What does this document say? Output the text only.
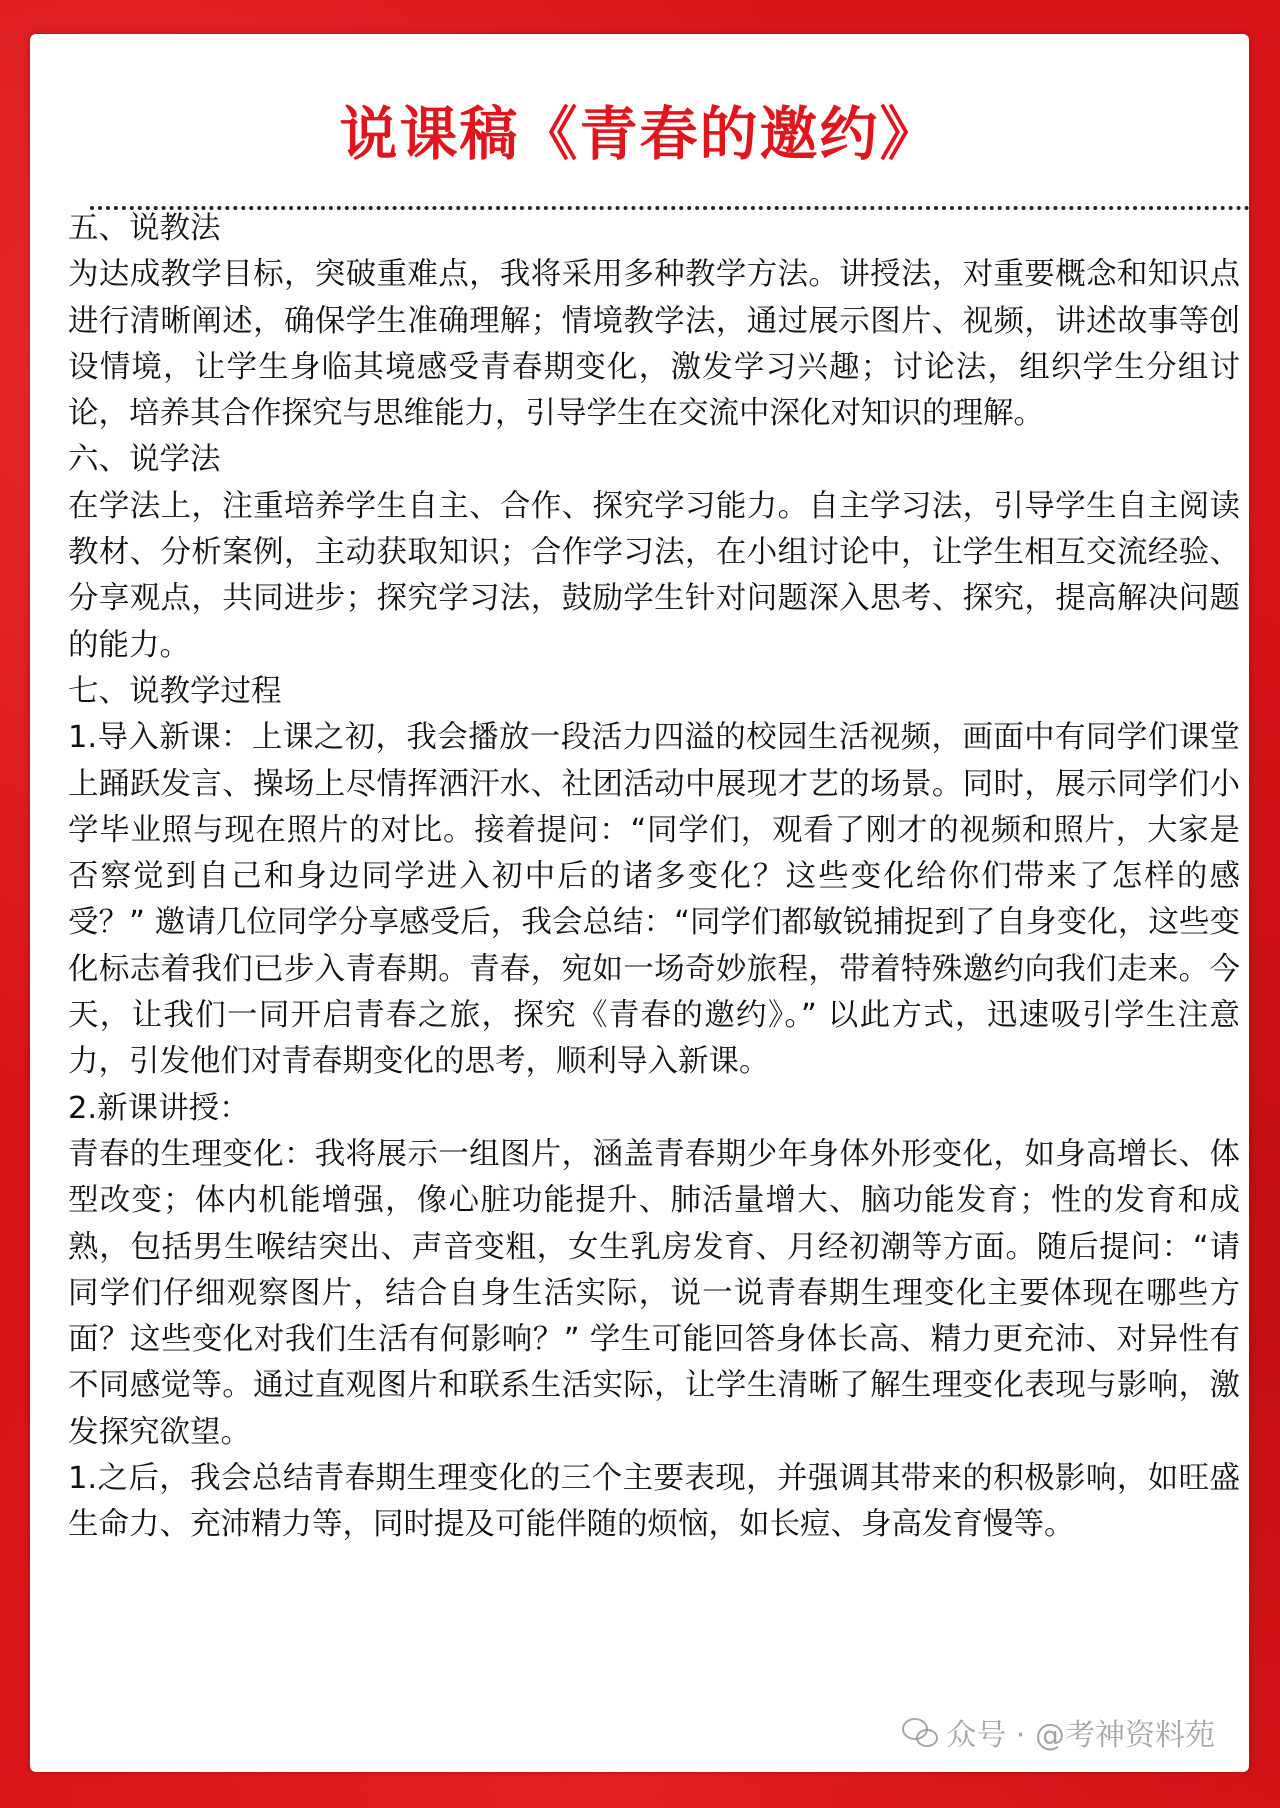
说课稿《青春的邀约》

五、说教法

为达成教学目标，突破重难点，我将采用多种教学方法。讲授法，对重要概念和知识点进行清晰阐述，确保学生准确理解；情境教学法，通过展示图片、视频，讲述故事等创设情境，让学生身临其境感受青春期变化，激发学习兴趣；讨论法，组织学生分组讨论，培养其合作探究与思维能力，引导学生在交流中深化对知识的理解。

六、说学法

在学法上，注重培养学生自主、合作、探究学习能力。自主学习法，引导学生自主阅读教材、分析案例，主动获取知识；合作学习法，在小组讨论中，让学生相互交流经验、分享观点，共同进步；探究学习法，鼓励学生针对问题深入思考、探究，提高解决问题的能力。

七、说教学过程

1.导入新课：上课之初，我会播放一段活力四溢的校园生活视频，画面中有同学们课堂上踊跃发言、操场上尽情挥洒汗水、社团活动中展现才艺的场景。同时，展示同学们小学毕业照与现在照片的对比。接着提问：“同学们，观看了刚才的视频和照片，大家是否察觉到自己和身边同学进入初中后的诸多变化？这些变化给你们带来了怎样的感受？” 邀请几位同学分享感受后，我会总结：“同学们都敏锐捕捉到了自身变化，这些变化标志着我们已步入青春期。青春，宛如一场奇妙旅程，带着特殊邀约向我们走来。今天，让我们一同开启青春之旅，探究《青春的邀约》。” 以此方式，迅速吸引学生注意力，引发他们对青春期变化的思考，顺利导入新课。

2.新课讲授：

青春的生理变化：我将展示一组图片，涵盖青春期少年身体外形变化，如身高增长、体型改变；体内机能增强，像心脏功能提升、肺活量增大、脑功能发育；性的发育和成熟，包括男生喉结突出、声音变粗，女生乳房发育、月经初潮等方面。随后提问：“请同学们仔细观察图片，结合自身生活实际，说一说青春期生理变化主要体现在哪些方面？这些变化对我们生活有何影响？” 学生可能回答身体长高、精力更充沛、对异性有不同感觉等。通过直观图片和联系生活实际，让学生清晰了解生理变化表现与影响，激发探究欲望。

1.之后，我会总结青春期生理变化的三个主要表现，并强调其带来的积极影响，如旺盛生命力、充沛精力等，同时提及可能伴随的烦恼，如长痘、身高发育慢等。

众号 · @考神资料苑
